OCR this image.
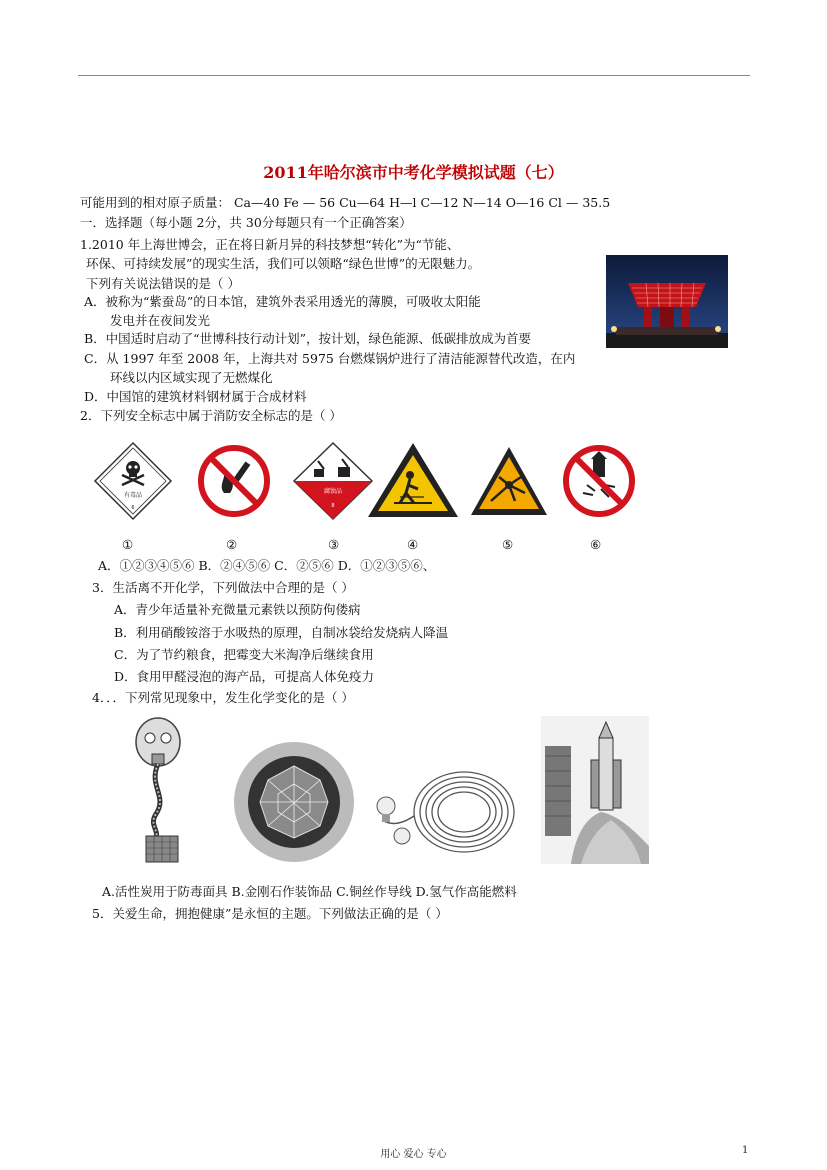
2011年哈尔滨市中考化学模拟试题（七）
可能用到的相对原子质量： Ca—40 Fe — 56 Cu—64 H—l C—12 N—14 O—16 Cl — 35.5
一．选择题（每小题 2分，共 30分每题只有一个正确答案）
1.2010 年上海世博会，正在将日新月异的科技梦想“转化”为“节能、
环保、可持续发展”的现实生活，我们可以领略“绿色世博”的无限魅力。
下列有关说法错误的是（ ）
A．被称为“紫蚕岛”的日本馆，建筑外表采用透光的薄膜，可吸收太阳能
发电并在夜间发光
B．中国适时启动了“世博科技行动计划”，按计划，绿色能源、低碳排放成为首要
C．从 1997 年至 2008 年，上海共对 5975 台燃煤锅炉进行了清洁能源替代改造，在内
环线以内区域实现了无燃煤化
D．中国馆的建筑材料钢材属于合成材料
2．下列安全标志中属于消防安全标志的是（ ）
有毒品
6
腐蚀品
8
①	②	③	④	⑤	⑥
A．①②③④⑤⑥ B．②④⑤⑥ C．②⑤⑥ D．①②③⑤⑥、
3．生活离不开化学，下列做法中合理的是（ ）
A．青少年适量补充微量元素铁以预防佝偻病
B．利用硝酸铵溶于水吸热的原理，自制冰袋给发烧病人降温
C．为了节约粮食，把霉变大米淘净后继续食用
D．食用甲醛浸泡的海产品，可提高人体免疫力
4．．．下列常见现象中，发生化学变化的是（ ）
A.活性炭用于防毒面具 B.金刚石作装饰品 C.铜丝作导线 D.氢气作高能燃料
5．关爱生命，拥抱健康”是永恒的主题。下列做法正确的是（ ）
用心 爱心 专心	1
